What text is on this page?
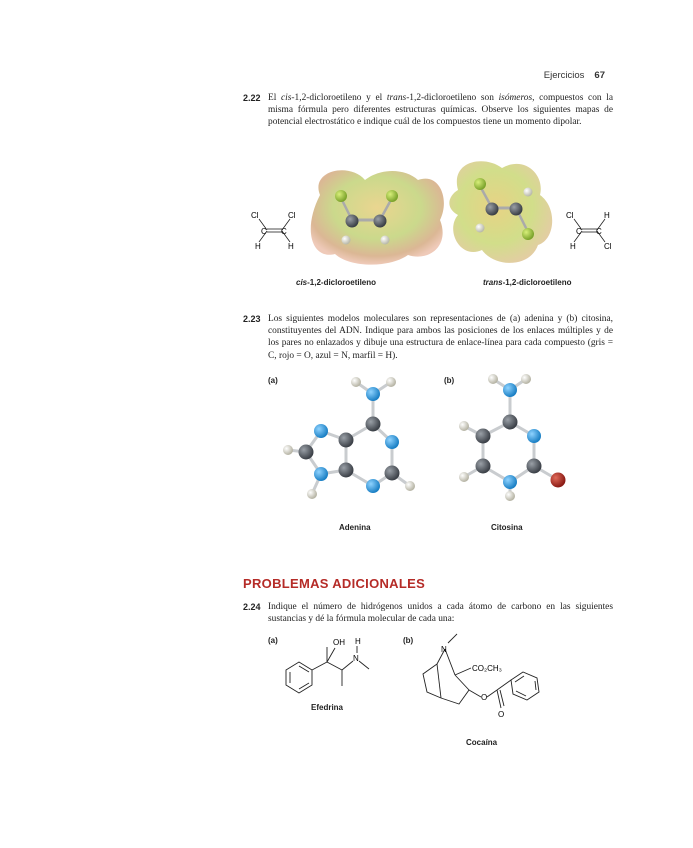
Ejercicios 67
2.22 El cis-1,2-dicloroetileno y el trans-1,2-dicloroetileno son isómeros, compuestos con la misma fórmula pero diferentes estructuras químicas. Observe los siguientes mapas de potencial electrostático e indique cuál de los compuestos tiene un momento dipolar.
Cl	Cl
H	H
C C
Cl	H
H	Cl
C C
cis-1,2-dicloroetileno	trans-1,2-dicloroetileno
2.23 Los siguientes modelos moleculares son representaciones de (a) adenina y (b) citosina, constituyentes del ADN. Indique para ambos las posiciones de los enlaces múltiples y de los pares no enlazados y dibuje una estructura de enlace-línea para cada compuesto (gris = C, rojo = O, azul = N, marfil = H).
(a)	(b)
Adenina	Citosina
PROBLEMAS ADICIONALES
2.24 Indique el número de hidrógenos unidos a cada átomo de carbono en las siguientes sustancias y dé la fórmula molecular de cada una:
(a)	(b)
OH H
N
N
CO₂CH₃
O
O
Efedrina
Cocaína
